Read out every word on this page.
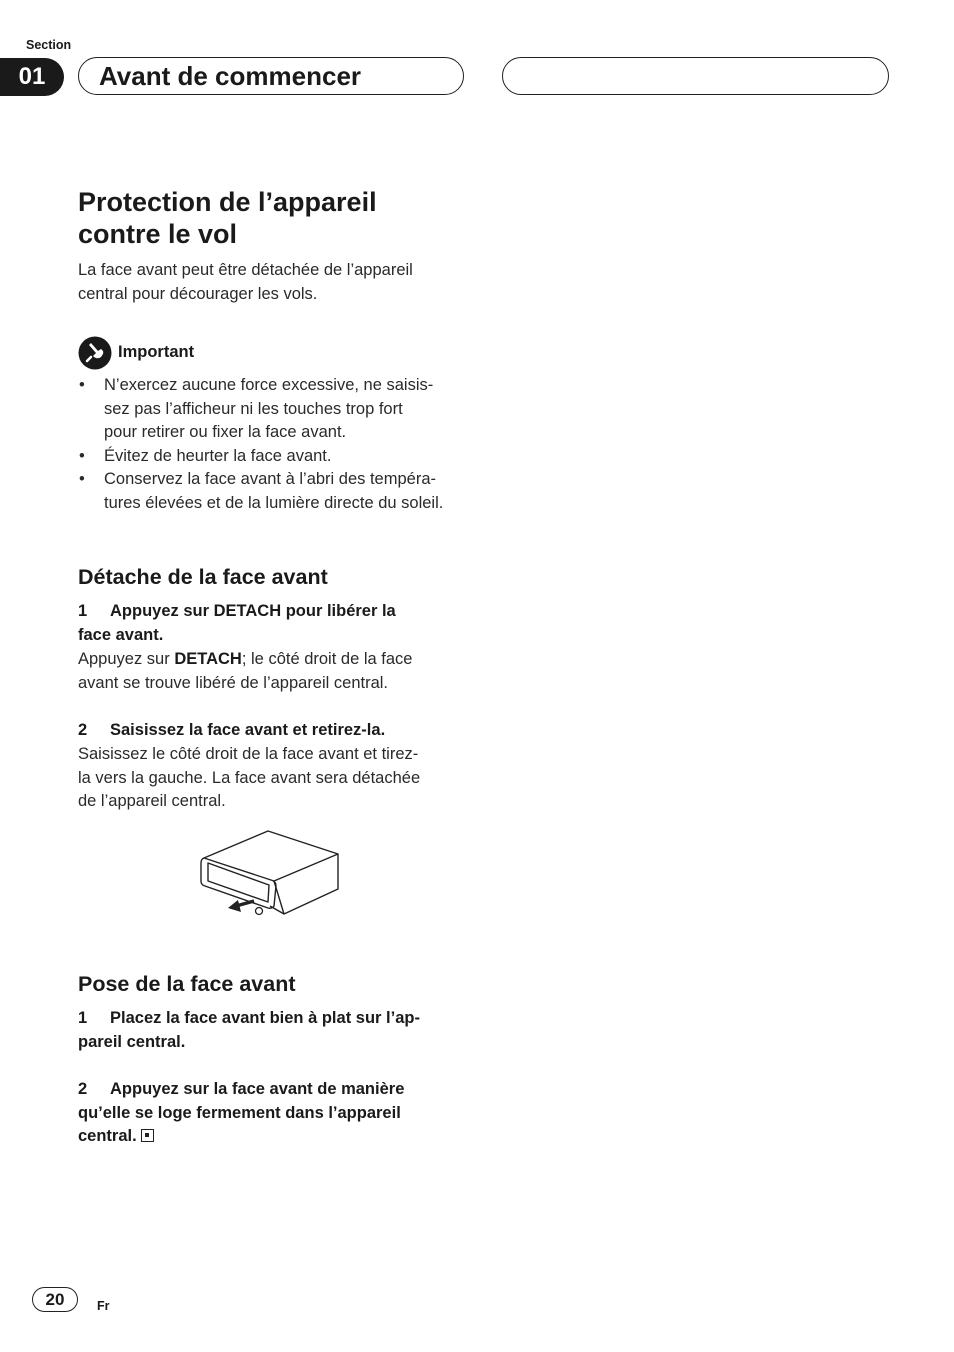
Section
01	Avant de commencer
Protection de l’appareil
contre le vol

La face avant peut être détachée de l’appareil

central pour décourager les vols.

Important
• N’exercez aucune force excessive, ne saisis-
sez pas l’afficheur ni les touches trop fort
pour retirer ou fixer la face avant.
• Évitez de heurter la face avant.
• Conservez la face avant à l’abri des tempéra-
tures élevées et de la lumière directe du soleil.
Détache de la face avant
1 Appuyez sur DETACH pour libérer la
face avant.

Appuyez sur DETACH; le côté droit de la face

avant se trouve libéré de l’appareil central.

2 Saisissez la face avant et retirez-la.

Saisissez le côté droit de la face avant et tirez-

la vers la gauche. La face avant sera détachée

de l’appareil central.

Pose de la face avant
1 Placez la face avant bien à plat sur l’ap-
pareil central.
2 Appuyez sur la face avant de manière
qu’elle se loge fermement dans l’appareil
central.
20	Fr
